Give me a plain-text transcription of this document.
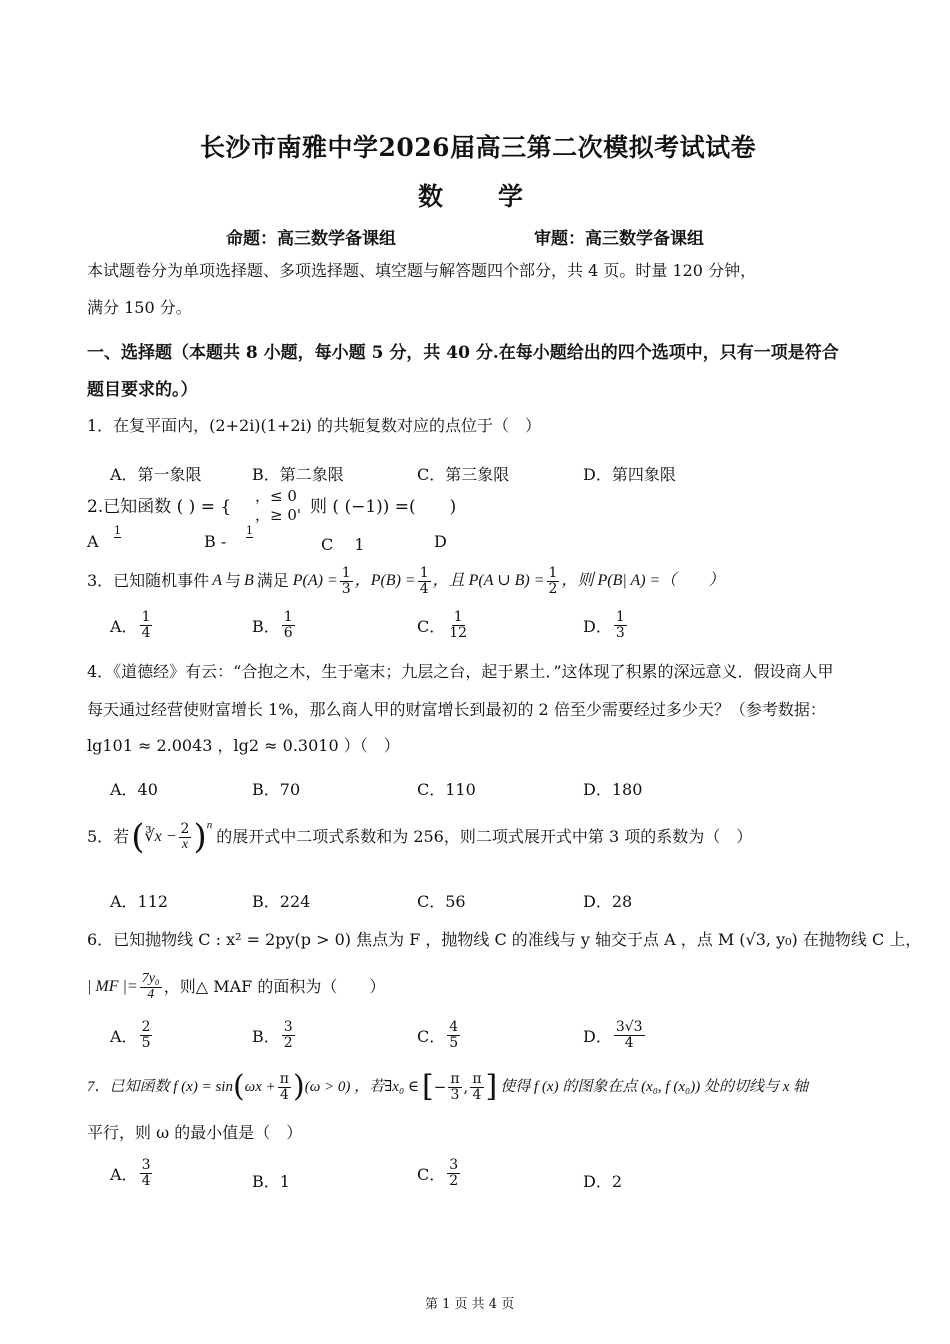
长沙市南雅中学2026届高三第二次模拟考试试卷
数学
命题：高三数学备课组	审题：高三数学备课组
本试题卷分为单项选择题、多项选择题、填空题与解答题四个部分，共 4 页。时量 120 分钟，
满分 150 分。
一、选择题（本题共 8 小题，每小题 5 分，共 40 分.在每小题给出的四个选项中，只有一项是符合
题目要求的。）
1．在复平面内，(2+2i)(1+2i) 的共轭复数对应的点位于（　）
A．第一象限	B．第二象限	C．第三象限	D．第四象限
2.已知函数 ( ) = {
，≤ 0
，≥ 0' 则 ( (−1)) =(　　)
A
1
B -
1
C　 1	D
3．已知随机事件 A 与 B 满足 $P(A) = \frac{1}{3}$ ，$P(B) = \frac{1}{4}$ ，且 P(A ∪ $B) = \frac{1}{2}$ ，则 P(B| A) =（　　）
A． $\frac{1}{4}$	B． $\frac{1}{6}$	C． $\frac{1}{12}$	D． $\frac{1}{3}$
4．《道德经》有云：“合抱之木，生于毫末；九层之台，起于累土．”这体现了积累的深远意义．假设商人甲
每天通过经营使财富增长 1%，那么商人甲的财富增长到最初的 2 倍至少需要经过多少天？（参考数据：
lg101 ≈ 2.0043 ，lg2 ≈ 0.3010 ）（　）
A．40	B．70	C．110	D．180
5．若 ( ∛x − $\frac{2}{x}$ ) n
的展开式中二项式系数和为 256，则二项式展开式中第 3 项的系数为（　）
A．112	B．224	C．56	D．28
6．已知抛物线 C : x² = 2py(p > 0) 焦点为 F ，抛物线 C 的准线与 y 轴交于点 A ，点 M (√3, y₀) 在抛物线 C 上，
| MF |= $\frac{\text{7y₀}}{4}$ ，则△ MAF 的面积为（　　）
A． $\frac{2}{5}$	B． $\frac{3}{2}$	C． $\frac{4}{5}$	D． $\frac{3√3}{4}$
7．已知函数 f (x) = sin ( $\omega x + \frac{\pi}{4}$ ) (ω > 0) ，若∃x₀ ∈ [ − $\frac{\pi}{3}$ , $\frac{\pi}{4}$ ] 使得 f (x) 的图象在点 (x₀, f (x₀)) 处的切线与 x 轴
平行，则 ω 的最小值是（　）
A． $\frac{3}{4}$	B．1	C． $\frac{3}{2}$	D．2
第 1 页 共 4 页
